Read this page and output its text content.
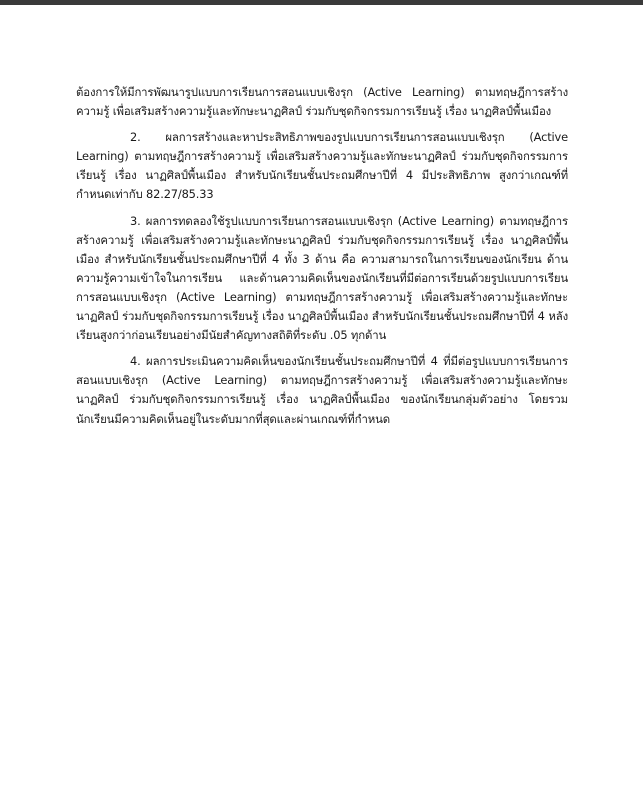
ต้องการให้มีการพัฒนารูปแบบการเรียนการสอนแบบเชิงรุก (Active Learning) ตามทฤษฎีการสร้างความรู้ เพื่อเสริมสร้างความรู้และทักษะนาฏศิลป์ ร่วมกับชุดกิจกรรมการเรียนรู้ เรื่อง นาฏศิลป์พื้นเมือง

2. ผลการสร้างและหาประสิทธิภาพของรูปแบบการเรียนการสอนแบบเชิงรุก (Active Learning) ตามทฤษฎีการสร้างความรู้ เพื่อเสริมสร้างความรู้และทักษะนาฏศิลป์ ร่วมกับชุดกิจกรรมการเรียนรู้ เรื่อง นาฏศิลป์พื้นเมือง สำหรับนักเรียนชั้นประถมศึกษาปีที่ 4 มีประสิทธิภาพ สูงกว่าเกณฑ์ที่กำหนดเท่ากับ 82.27/85.33

3. ผลการทดลองใช้รูปแบบการเรียนการสอนแบบเชิงรุก (Active Learning) ตามทฤษฎีการสร้างความรู้ เพื่อเสริมสร้างความรู้และทักษะนาฏศิลป์ ร่วมกับชุดกิจกรรมการเรียนรู้ เรื่อง นาฏศิลป์พื้นเมือง สำหรับนักเรียนชั้นประถมศึกษาปีที่ 4 ทั้ง 3 ด้าน คือ ความสามารถในการเรียนของนักเรียน ด้านความรู้ความเข้าใจในการเรียน และด้านความคิดเห็นของนักเรียนที่มีต่อการเรียนด้วยรูปแบบการเรียนการสอนแบบเชิงรุก (Active Learning) ตามทฤษฎีการสร้างความรู้ เพื่อเสริมสร้างความรู้และทักษะนาฏศิลป์ ร่วมกับชุดกิจกรรมการเรียนรู้ เรื่อง นาฏศิลป์พื้นเมือง สำหรับนักเรียนชั้นประถมศึกษาปีที่ 4 หลังเรียนสูงกว่าก่อนเรียนอย่างมีนัยสำคัญทางสถิติที่ระดับ .05 ทุกด้าน

4. ผลการประเมินความคิดเห็นของนักเรียนชั้นประถมศึกษาปีที่ 4 ที่มีต่อรูปแบบการเรียนการสอนแบบเชิงรุก (Active Learning) ตามทฤษฎีการสร้างความรู้ เพื่อเสริมสร้างความรู้และทักษะนาฏศิลป์ ร่วมกับชุดกิจกรรมการเรียนรู้ เรื่อง นาฏศิลป์พื้นเมือง ของนักเรียนกลุ่มตัวอย่าง โดยรวมนักเรียนมีความคิดเห็นอยู่ในระดับมากที่สุดและผ่านเกณฑ์ที่กำหนด
